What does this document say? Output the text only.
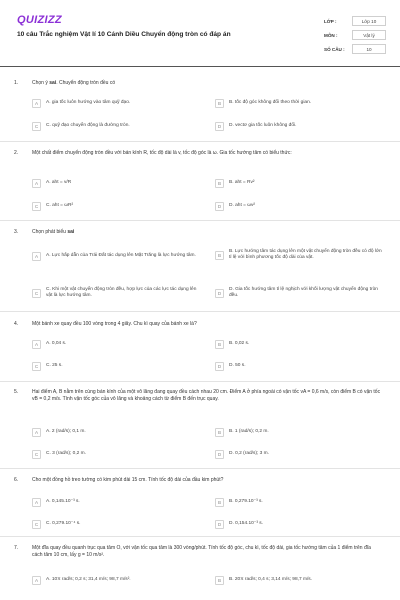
QUIZIZZ
10 câu Trắc nghiệm Vật lí 10 Cánh Diều Chuyển động tròn có đáp án
LỚP :	Lớp 10
MÔN :	Vật lý
SỐ CÂU :	10
1.	Chọn ý sai. Chuyển động tròn đều có
A	A. gia tốc luôn hướng vào tâm quỹ đạo.	B	B. tốc độ góc không đổi theo thời gian.
C	C. quỹ đạo chuyển động là đường tròn.	D	D. vectơ gia tốc luôn không đổi.
2.	Một chất điểm chuyển động tròn đều với bán kính R, tốc độ dài là v, tốc độ góc là ω. Gia tốc hướng tâm có biểu thức:
A	A. aht = v/R	B	B. aht = Rv²
C	C. aht = ωR²	D	D. aht = ωv²
3.	Chọn phát biểu sai
A	A. Lực hấp dẫn của Trái Đất tác dụng lên Mặt Trăng là lực hướng tâm.	B
B. Lực hướng tâm tác dụng lên một vật chuyển động tròn đều có độ lớn tỉ lệ với bình phương tốc độ dài của vật.
C
C. Khi một vật chuyển động tròn đều, hợp lực của các lực tác dụng lên vật là lực hướng tâm.	D
D. Gia tốc hướng tâm tỉ lệ nghịch với khối lượng vật chuyển động tròn đều.
4.	Một bánh xe quay đều 100 vòng trong 4 giây. Chu kì quay của bánh xe là?
A	A. 0,04 s.	B	B. 0,02 s.
C	C. 25 s.	D	D. 50 s.
5.	Hai điểm A, B nằm trên cùng bán kính của một vô lăng đang quay đều cách nhau 20 cm. Điểm A ở phía ngoài có vận tốc vA = 0,6 m/s, còn điểm B có vận tốc vB = 0,2 m/s. Tính vận tốc góc của vô lăng và khoảng cách từ điểm B đến trục quay.
A	A. 2 (rad/s); 0,1 m.	B	B. 1 (rad/s); 0,2 m.
C	C. 3 (rad/s); 0,2 m.	D	D. 0,2 (rad/s); 3 m.
6.	Cho một đồng hồ treo tường có kim phút dài 15 cm. Tính tốc độ dài của đầu kim phút?
A	A. 0,145.10⁻³ s.	B	B. 0,279.10⁻³ s.
C	C. 0,279.10⁻⁴ s.	D	D. 0,154.10⁻³ s.
7.	Một đĩa quay đều quanh trục qua tâm O, với vận tốc qua tâm là 300 vòng/phút. Tính tốc độ góc, chu kì, tốc độ dài, gia tốc hướng tâm của 1 điểm trên đĩa cách tâm 10 cm, lấy g = 10 m/s².
A	A. 10π rad/s; 0,2 s; 31,4 m/s; 98,7 m/s².	B	B. 20π rad/s; 0,4 s; 3,14 m/s; 98,7 m/s.
